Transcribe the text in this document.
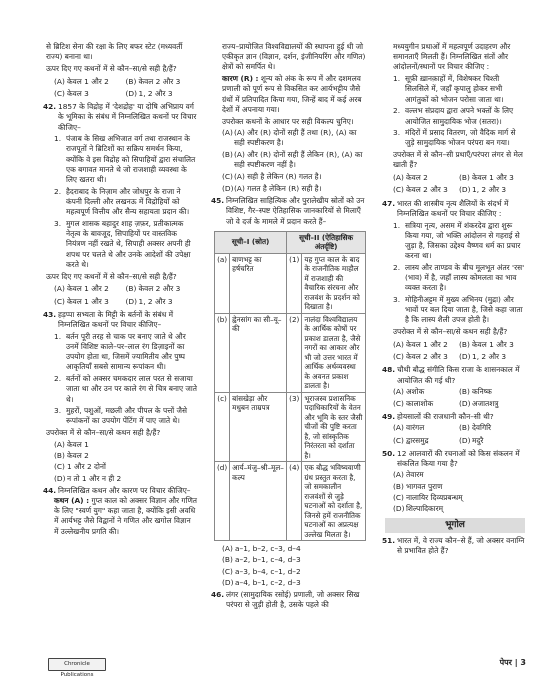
से ब्रिटिश सेना की रक्षा के लिए बफर स्टेट (मध्यवर्ती राज्य) बनाना था।

ऊपर दिए गए कथनों में से कौन–सा/से सही है/हैं?

(A) केवल 1 और 2 (B) केवल 2 और 3
(C) केवल 3	(D) 1, 2 और 3
42. 1857 के विद्रोह में 'देशद्रोह' या दोषि अभिप्राय वर्ग के भूमिका के संबंध में निम्नलिखित कथनों पर विचार कीजिए–
1. पंजाब के सिख अभिजात वर्ग तथा राजस्थान के राजपूतों ने ब्रिटिशों का सक्रिय समर्थन किया, क्योंकि वे इस विद्रोह को सिपाहियों द्वारा संचालित एक बगावत मानते थे जो राजशाही व्यवस्था के लिए खतरा थी।
2. हैदराबाद के निज़ाम और जोधपुर के राजा ने कंपनी दिल्ली और लखनऊ में विद्रोहियों को महत्वपूर्ण वित्तीय और सैन्य सहायता प्रदान की।
3. मुगल शासक बहादुर शाह ज़फ़र, प्रतीकात्मक नेतृत्व के बावजूद, सिपाहियों पर वास्तविक नियंत्रण नहीं रखते थे, सिपाही अक्सर अपनी ही शपथ पर चलते थे और उनके आदेशों की उपेक्षा करते थे।

ऊपर दिए गए कथनों में से कौन–सा/से सही है/हैं?

(A) केवल 1 और 2 (B) केवल 2 और 3
(C) केवल 1 और 3 (D) 1, 2 और 3
43. हड़प्पा सभ्यता के मिट्टी के बर्तनों के संबंध में निम्नलिखित कथनों पर विचार कीजिए–
1. बर्तन पूरी तरह से चाक पर बनाए जाते थे और उनमें विशिष्ट काले–पर–लाल रंग डिज़ाइनों का उपयोग होता था, जिसमें ज्यामितीय और पुष्प आकृतियाँ सबसे सामान्य रूपांकन थी।
2. बर्तनों को अक्सर चमकदार लाल परत से सजाया जाता था और उन पर काले रंग से चित्र बनाए जाते थे।
3. मुहरों, पशुओं, मछली और पीपल के पत्तों जैसे रूपांकनों का उपयोग पेंटिंग में पाए जाते थे।

उपरोक्त में से कौन–सा/से कथन सही है/हैं?

(A) केवल 1
(B) केवल 2
(C) 1 और 2 दोनों
(D) न तो 1 और न ही 2
44. निम्नलिखित कथन और कारण पर विचार कीजिए–

कथन (A) : गुप्त काल को अक्सर विज्ञान और गणित के लिए "स्वर्ण युग" कहा जाता है, क्योंकि इसी अवधि में आर्यभट्ट जैसे विद्वानों ने गणित और खगोल विज्ञान में उल्लेखनीय प्रगति की।

राज्य–प्रायोजित विश्वविद्यालयों की स्थापना हुई थी जो एकीकृत ज्ञान (विज्ञान, दर्शन, इंजीनियरिंग और गणित) क्षेत्रों को समर्पित थे।

कारण (R) : शून्य को अंक के रूप में और दशमलव प्रणाली को पूर्ण रूप से विकसित कर आर्यभट्टीय जैसे ग्रंथों में प्रतिपादित किया गया, जिन्हें बाद में कई अरब देशों में अपनाया गया।

उपरोक्त कथनों के आधार पर सही विकल्प चुनिए।

(A) (A) और (R) दोनों सही हैं तथा (R), (A) का सही स्पष्टीकरण है।
(B) (A) और (R) दोनों सही हैं लेकिन (R), (A) का सही स्पष्टीकरण नहीं है।
(C) (A) सही है लेकिन (R) गलत है।
(D) (A) गलत है लेकिन (R) सही है।
45. निम्नलिखित साहित्यिक और पुरालेखीय स्रोतों को उन विशिष्ट, गैर–स्पष्ट ऐतिहासिक जानकारियों से मिलाएँ जो वे दर्ज के मामले में प्रदान करते हैं–
सूची–I (स्रोत)		सूची–II (ऐतिहासिक अंतर्दृष्टि)	
(a)	बाणभट्ट का हर्षचरित	(1)	यह गुप्त काल के बाद के राजनीतिक माहौल में राजशाही की वैचारिक संरचना और राजवंश के प्रदर्शन को दिखाता है।
(b)	ह्वेनसांग का सी–यू–की	(2)	नालंदा विश्वविद्यालय के आर्थिक कोषों पर प्रकाश डालता है, जैसे नगरों का आकार और भी जो उत्तर भारत में आर्थिक अर्थव्यवस्था के अवनत प्रकाश डालता है।
(c)	बांसखेड़ा और मधुबन ताम्रपत्र	(3)	भूराजस्व प्रशासनिक पदाधिकारियों के वेतन और भूमि के स्तर जैसी चीजों की पुष्टि करता है, जो सांस्कृतिक निरंतरता को दर्शाता है।
(d)	आर्य–मंजु–श्री–मूल–कल्प	(4)	एक बौद्ध भविष्यवाणी ग्रंथ प्रस्तुत करता है, जो समकालीन राजवंशों से जुड़े घटनाओं को दर्शाता है, जिनसे हमें राजनीतिक घटनाओं का अप्रत्यक्ष उल्लेख मिलता है।
(A) a–1, b–2, c–3, d–4
(B) a–2, b–1, c–4, d–3
(C) a–3, b–4, c–1, d–2
(D) a–4, b–1, c–2, d–3
46. लंगर (सामुदायिक रसोई) प्रणाली, जो अक्सर सिख परंपरा से जुड़ी होती है, उसके पहले की

मध्ययुगीन प्रथाओं में महत्वपूर्ण उदाहरण और समानताएँ मिलती हैं। निम्नलिखित संतों और आंदोलनों/स्थानों पर विचार कीजिए :

1. सूफ़ी ख़ानक़ाहों में, विशेषकर चिश्ती सिलसिले में, जहाँ कृपालु होकर सभी आगंतुकों को भोजन परोसा जाता था।
2. वल्लभ संप्रदाय द्वारा अपने भक्तों के लिए आयोजित सामुदायिक भोज (सतरा)।
3. मंदिरों में प्रसाद वितरण, जो वैदिक मार्ग से जुड़े सामुदायिक भोजन परंपरा बन गया।

उपरोक्त में से कौन–सी प्रथाएँ/परंपरा लंगर से मेल खाती हैं?

(A) केवल 2	(B) केवल 1 और 3
(C) केवल 2 और 3 (D) 1, 2 और 3
47. भारत की शास्त्रीय नृत्य शैलियों के संदर्भ में निम्नलिखित कथनों पर विचार कीजिए :
1. सत्रिया नृत्य, असम में शंकरदेव द्वारा शुरू किया गया, जो भक्ति आंदोलन से गहराई से जुड़ा है, जिसका उद्देश्य वैष्णव धर्म का प्रचार करना था।
2. लास्य और ताण्डव के बीच मूलभूत अंतर 'रस' (भाव) में है, जहाँ लास्य कोमलता का भाव व्यक्त करता है।
3. मोहिनीअट्टम में मुख्य अभिनय (मुद्रा) और भावों पर बल दिया जाता है, जिसे कहा जाता है कि लास्य शैली उपज होती है।

उपरोक्त में से कौन–सा/से कथन सही है/हैं?

(A) केवल 1 और 2 (B) केवल 1 और 3
(C) केवल 2 और 3 (D) 1, 2 और 3
48. चौथी बौद्ध संगीति किस राजा के शासनकाल में आयोजित की गई थी?
(A) अशोक	(B) कनिष्क
(C) कालाशोक	(D) अजातशत्रु
49. होयसालों की राजधानी कौन–सी थी?
(A) वारंगल	(B) देवगिरि
(C) द्वारसमुद्र	(D) मदुरै
50. 12 आलवारों की रचनाओं को किस संकलन में संकलित किया गया है?
(A) तेवारम
(B) भागवत पुराण
(C) नालायिर दिव्यप्रबन्धम्
(D) शिल्पादिकारम्
भूगोल
51. भारत में, वे राज्य कौन–से हैं, जो अक्सर वनाग्नि से प्रभावित होते हैं?
Chronicle Publications
पेपर | 3
